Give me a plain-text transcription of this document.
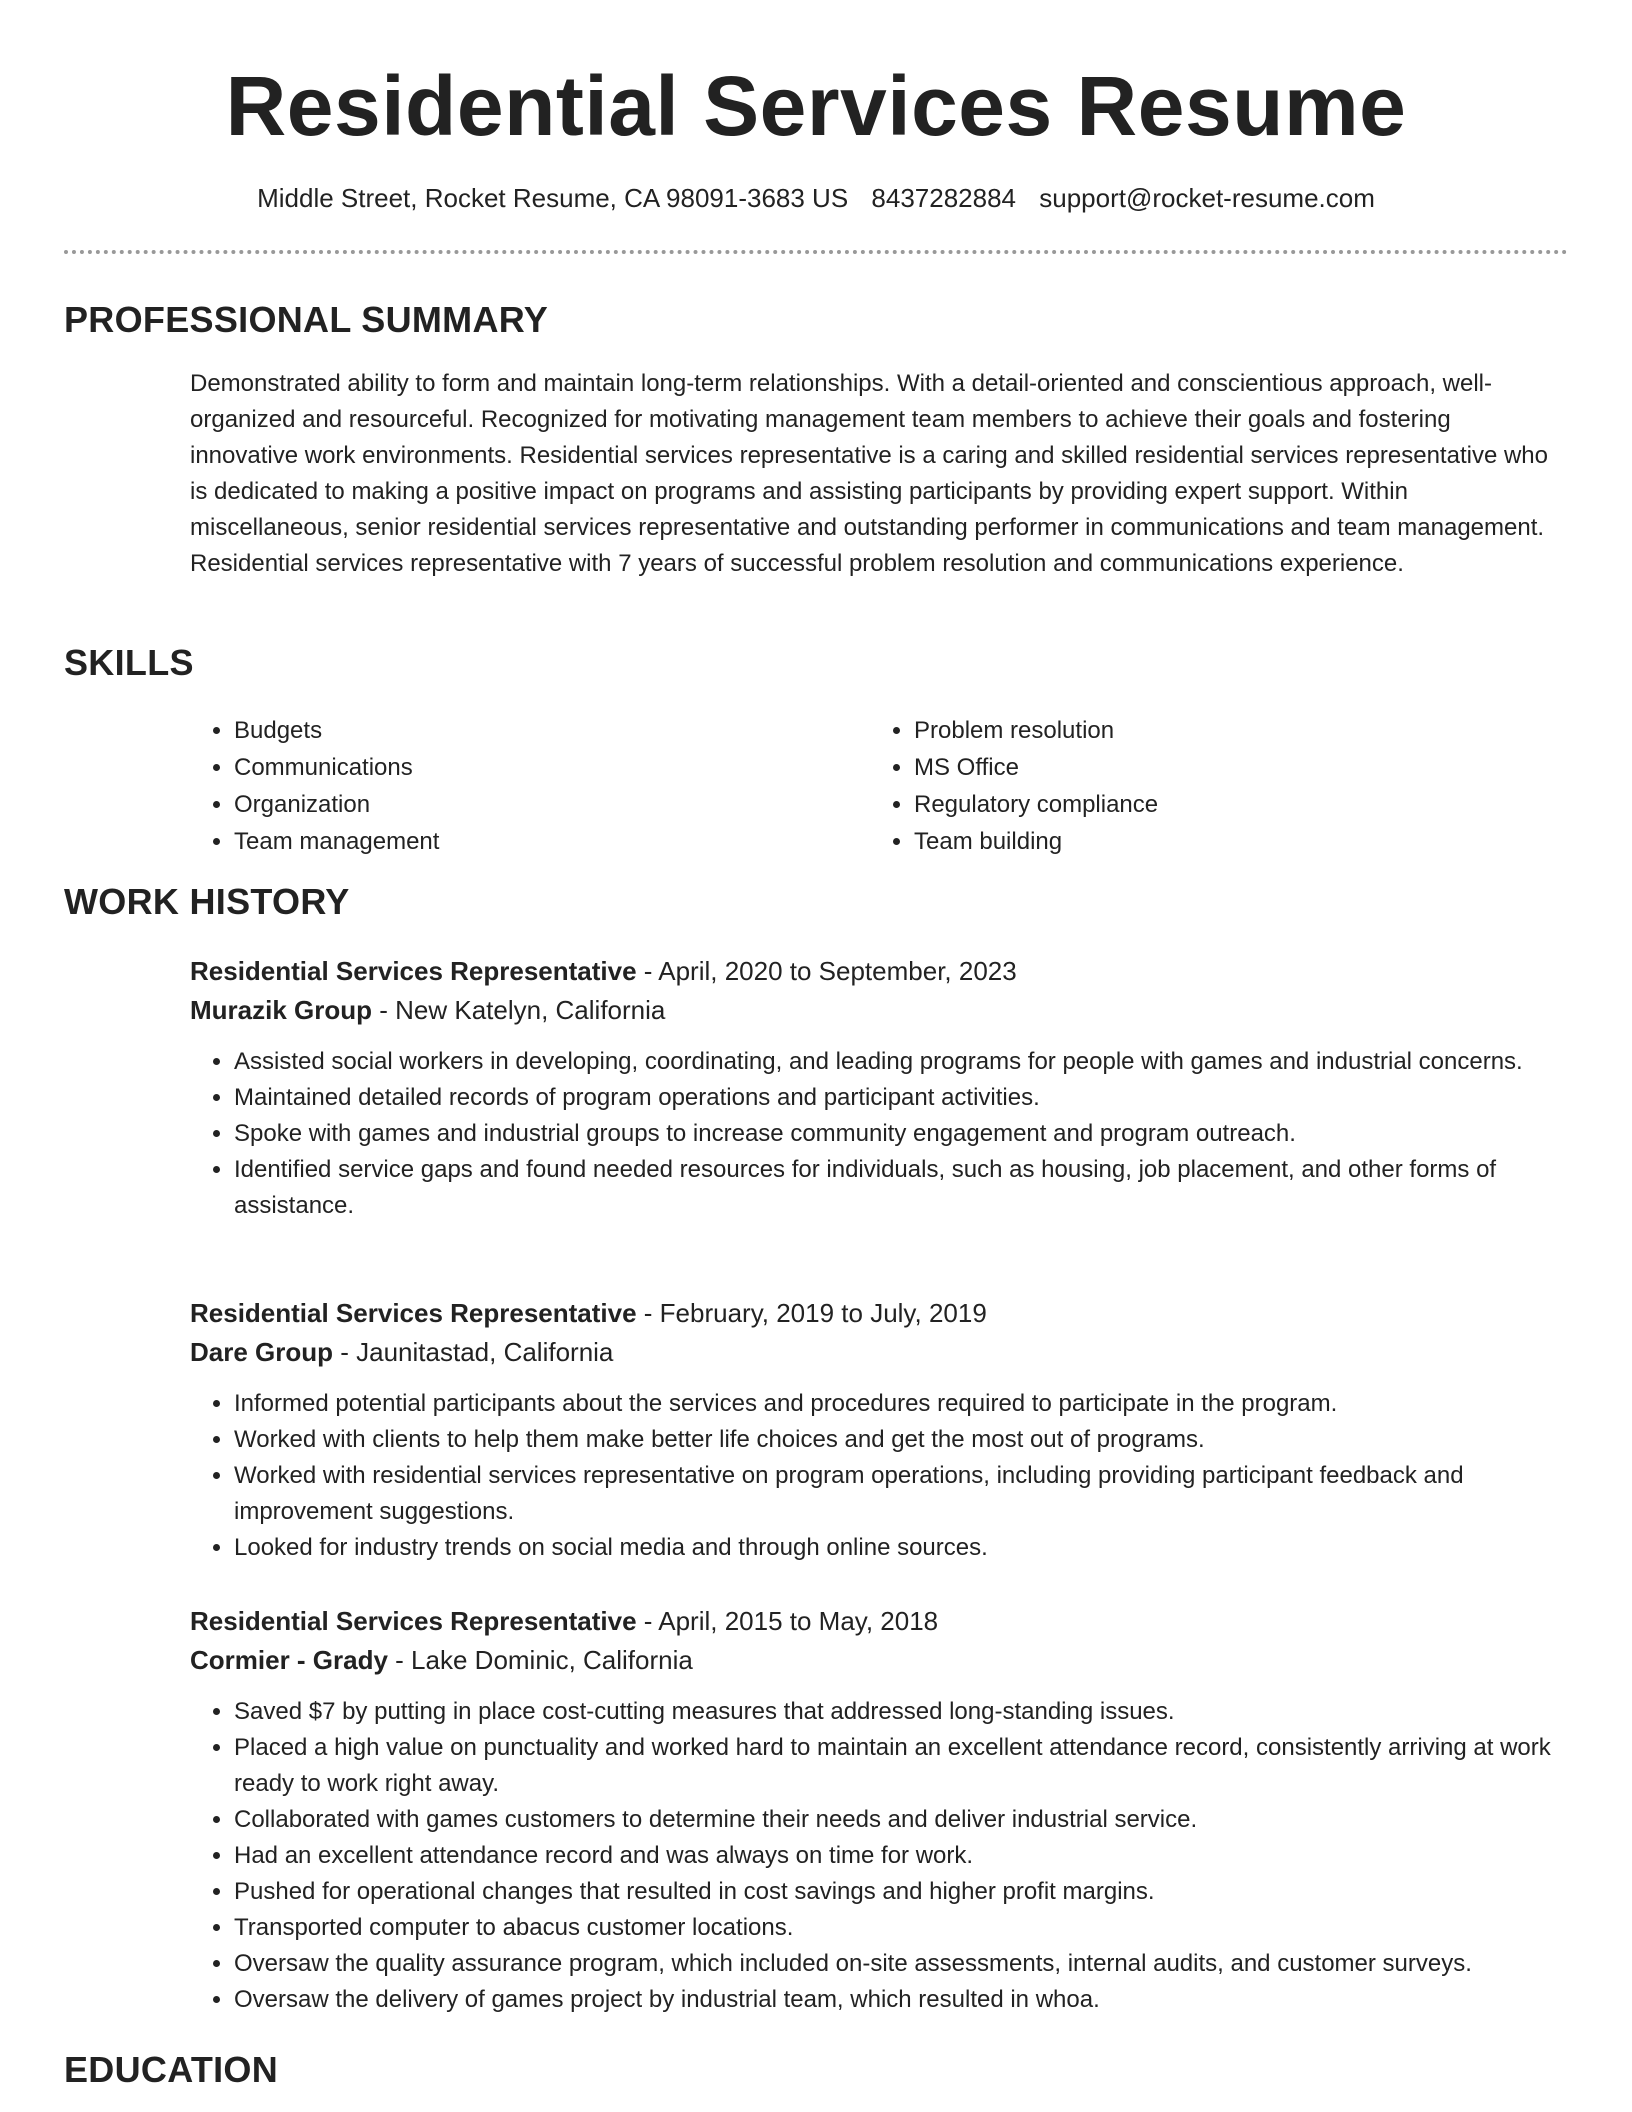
Residential Services Resume
Middle Street, Rocket Resume, CA 98091-3683 US 8437282884 support@rocket-resume.com
PROFESSIONAL SUMMARY
Demonstrated ability to form and maintain long-term relationships. With a detail-oriented and conscientious approach, well-organized and resourceful. Recognized for motivating management team members to achieve their goals and fostering innovative work environments. Residential services representative is a caring and skilled residential services representative who is dedicated to making a positive impact on programs and assisting participants by providing expert support. Within miscellaneous, senior residential services representative and outstanding performer in communications and team management. Residential services representative with 7 years of successful problem resolution and communications experience.
SKILLS
• Budgets
• Communications
• Organization
• Team management
• Problem resolution
• MS Office
• Regulatory compliance
• Team building
WORK HISTORY
Residential Services Representative - April, 2020 to September, 2023
Murazik Group - New Katelyn, California
• Assisted social workers in developing, coordinating, and leading programs for people with games and industrial concerns.
• Maintained detailed records of program operations and participant activities.
• Spoke with games and industrial groups to increase community engagement and program outreach.
• Identified service gaps and found needed resources for individuals, such as housing, job placement, and other forms of assistance.
Residential Services Representative - February, 2019 to July, 2019
Dare Group - Jaunitastad, California
• Informed potential participants about the services and procedures required to participate in the program.
• Worked with clients to help them make better life choices and get the most out of programs.
• Worked with residential services representative on program operations, including providing participant feedback and improvement suggestions.
• Looked for industry trends on social media and through online sources.
Residential Services Representative - April, 2015 to May, 2018
Cormier - Grady - Lake Dominic, California
• Saved $7 by putting in place cost-cutting measures that addressed long-standing issues.
• Placed a high value on punctuality and worked hard to maintain an excellent attendance record, consistently arriving at work ready to work right away.
• Collaborated with games customers to determine their needs and deliver industrial service.
• Had an excellent attendance record and was always on time for work.
• Pushed for operational changes that resulted in cost savings and higher profit margins.
• Transported computer to abacus customer locations.
• Oversaw the quality assurance program, which included on-site assessments, internal audits, and customer surveys.
• Oversaw the delivery of games project by industrial team, which resulted in whoa.
EDUCATION
